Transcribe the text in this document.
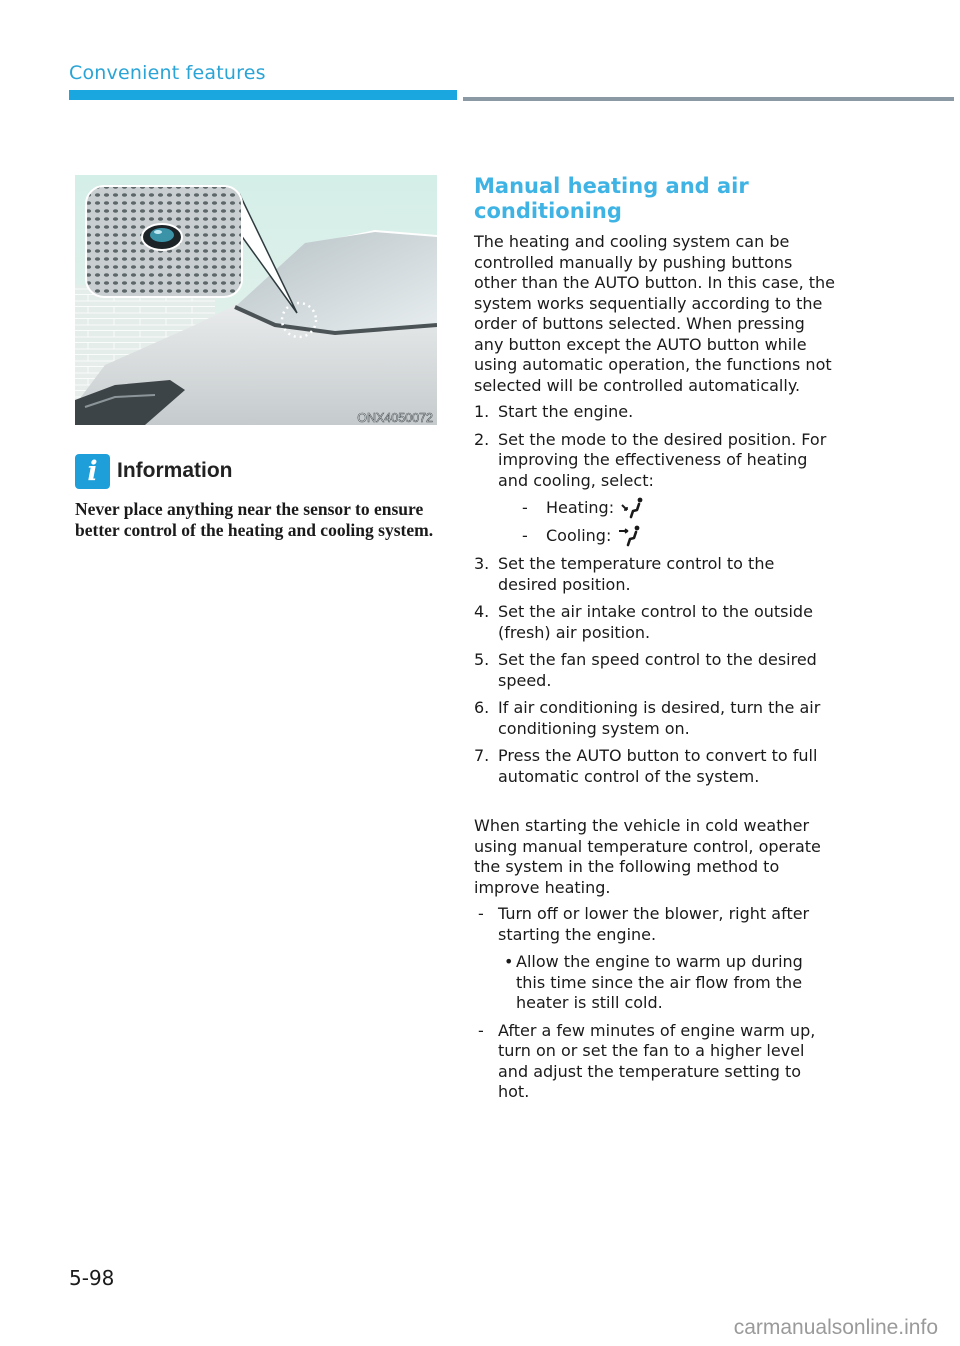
Convenient features
ONX4050072
i Information
Never place anything near the sensor to ensure better control of the heating and cooling system.
Manual heating and air conditioning

The heating and cooling system can be controlled manually by pushing buttons other than the AUTO button. In this case, the system works sequentially according to the order of buttons selected. When pressing any button except the AUTO button while using automatic operation, the functions not selected will be controlled automatically.

1. Start the engine.
2. Set the mode to the desired position. For improving the effectiveness of heating and cooling, select:
-	Heating:
-	Cooling:
3. Set the temperature control to the desired position.
4. Set the air intake control to the outside (fresh) air position.
5. Set the fan speed control to the desired speed.
6. If air conditioning is desired, turn the air conditioning system on.
7. Press the AUTO button to convert to full automatic control of the system.

When starting the vehicle in cold weather using manual temperature control, operate the system in the following method to improve heating.

- Turn off or lower the blower, right after starting the engine.
• Allow the engine to warm up during this time since the air flow from the heater is still cold.
- After a few minutes of engine warm up, turn on or set the fan to a higher level and adjust the temperature setting to hot.
5-98
carmanualsonline.info
